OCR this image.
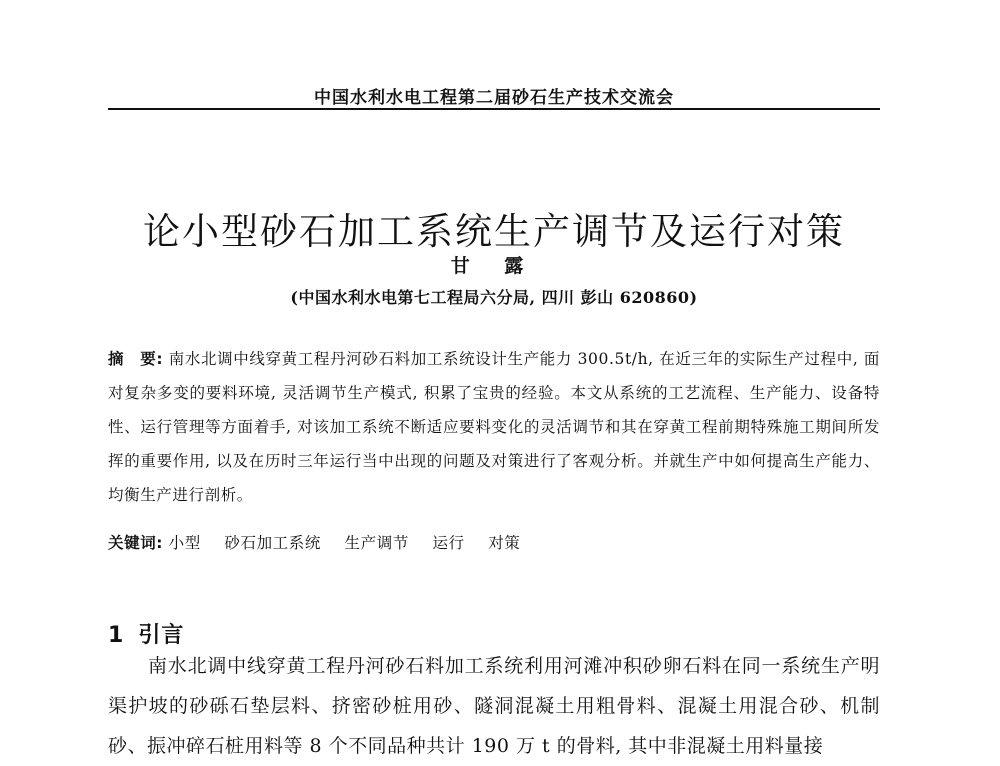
中国水利水电工程第二届砂石生产技术交流会
论小型砂石加工系统生产调节及运行对策
甘 露
(中国水利水电第七工程局六分局, 四川 彭山 620860)

摘　要: 南水北调中线穿黄工程丹河砂石料加工系统设计生产能力 300.5t/h, 在近三年的实际生产过程中, 面对复杂多变的要料环境, 灵活调节生产模式, 积累了宝贵的经验。本文从系统的工艺流程、生产能力、设备特性、运行管理等方面着手, 对该加工系统不断适应要料变化的灵活调节和其在穿黄工程前期特殊施工期间所发挥的重要作用, 以及在历时三年运行当中出现的问题及对策进行了客观分析。并就生产中如何提高生产能力、均衡生产进行剖析。

关键词: 小型 砂石加工系统 生产调节 运行 对策
1 引言

南水北调中线穿黄工程丹河砂石料加工系统利用河滩冲积砂卵石料在同一系统生产明渠护坡的砂砾石垫层料、挤密砂桩用砂、隧洞混凝土用粗骨料、混凝土用混合砂、机制砂、振冲碎石桩用料等 8 个不同品种共计 190 万 t 的骨料, 其中非混凝土用料量接
